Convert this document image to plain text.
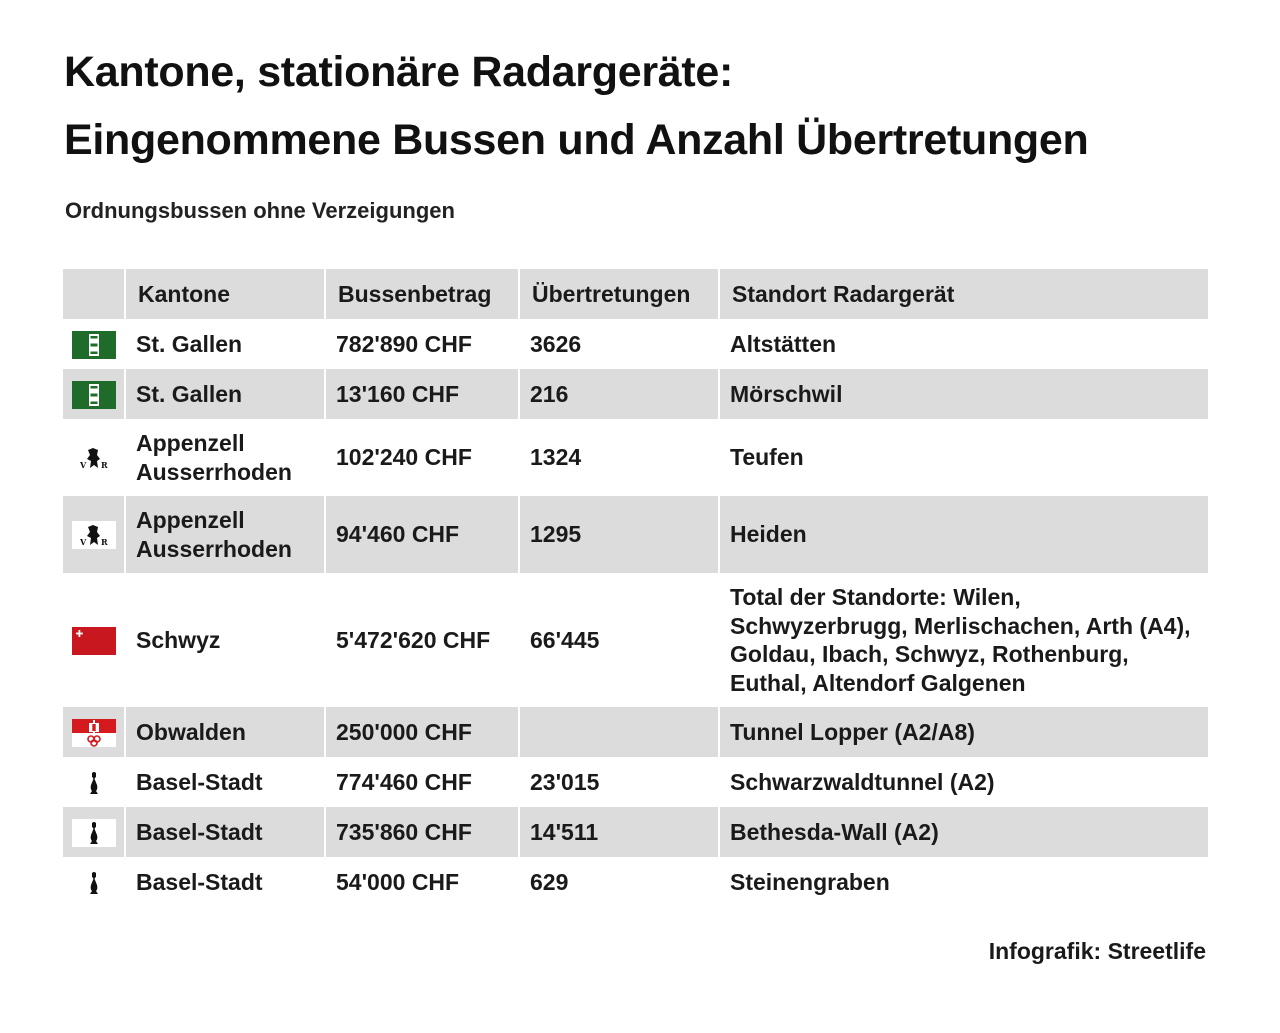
Kantone, stationäre Radargeräte:
Eingenommene Bussen und Anzahl Übertretungen

Ordnungsbussen ohne Verzeigungen

	Kantone	Bussenbetrag	Übertretungen	Standort Radargerät
	St. Gallen	782'890 CHF	3626	Altstätten
	St. Gallen	13'160 CHF	216	Mörschwil

V R	Appenzell Ausserrhoden	102'240 CHF	1324	Teufen

V R	Appenzell Ausserrhoden	94'460 CHF	1295	Heiden
	Schwyz	5'472'620 CHF	66'445	Total der Standorte: Wilen, Schwyzerbrugg, Merlischachen, Arth (A4), Goldau, Ibach, Schwyz, Rothenburg, Euthal, Altendorf Galgenen
	Obwalden	250'000 CHF		Tunnel Lopper (A2/A8)
	Basel-Stadt	774'460 CHF	23'015	Schwarzwaldtunnel (A2)
	Basel-Stadt	735'860 CHF	14'511	Bethesda-Wall (A2)
	Basel-Stadt	54'000 CHF	629	Steinengraben
Infografik: Streetlife
